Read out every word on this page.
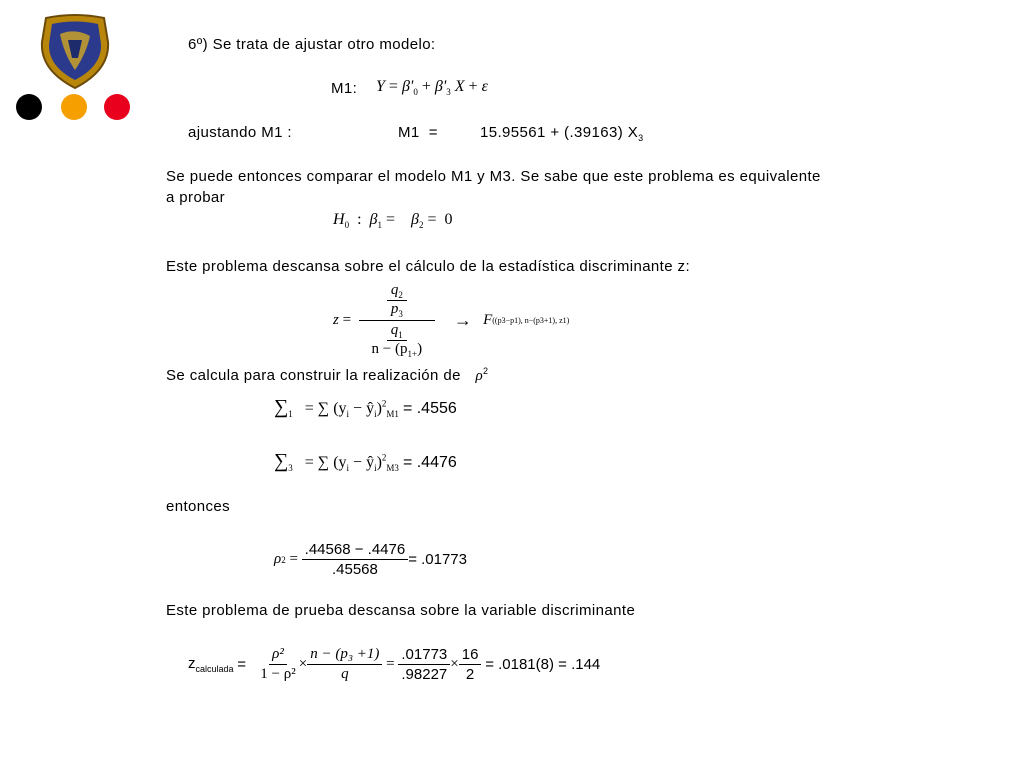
6º) Se trata de ajustar otro modelo:
M1: $Y = \beta'_0 + \beta'_3$ X + ε
ajustando M1 :	M1  =	15.95561 + (.39163) $X_3$
Se puede entonces comparar el modelo M1 y M3. Se sabe que este problema es equivalente
a probar
$H_0$ : $\beta_1 = \beta_2 = 0$
Este problema descansa sobre el cálculo de la estadística discriminante z:
z
=
$q_2$
$p_3$
$q_1$
$n - (p_{1+})$
→
F ((p3−p1), n−(p3+1), z1)
Se calcula para construir la realización de $\rho^2$
$\sum_1$ = ∑ ($y_i$ − $ŷ_i)^2_{M1} = .4556$
$\sum_3$ = ∑ ($y_i$ − $ŷ_i)^2_{M3} = .4476$
entonces
ρ 2
=
$\frac{.44568 - .4476}{.45568} = .01773$
Este problema de prueba descansa sobre la variable discriminante
$z_{calculada}$
=
$\frac{\text{ρ²}}{\text{1 − ρ²}} \times \frac{\text{n − (p₃ +1)}}{q}$
=
$\frac{.01773}{.98227} \times \frac{16}{2}$
= .0181(8) = .144
